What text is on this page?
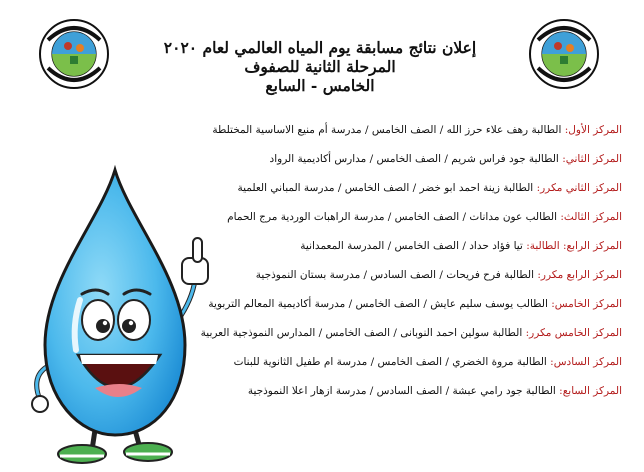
إعلان نتائج مسابقة يوم المياه العالمي لعام ٢٠٢٠
المرحلة الثانية للصفوف
الخامس - السابع
المركز الأول: الطالبة رهف علاء حرز الله / الصف الخامس / مدرسة أم منيع الاساسية المختلطة
المركز الثاني: الطالبة جود فراس شريم / الصف الخامس / مدارس أكاديمية الرواد
المركز الثاني مكرر: الطالبة زينة احمد ابو خضر / الصف الخامس / مدرسة المباني العلمية
المركز الثالث: الطالب عون مدانات / الصف الخامس / مدرسة الراهبات الوردية مرج الحمام
المركز الرابع: الطالبة: تيا فؤاد حداد / الصف الخامس / المدرسة المعمدانية
المركز الرابع مكرر: الطالبة فرح فريحات / الصف السادس / مدرسة بستان النموذجية
المركز الخامس: الطالب يوسف سليم عايش / الصف الخامس / مدرسة أكاديمية المعالم التربوية
المركز الخامس مكرر: الطالبة سولين احمد النوبانى / الصف الخامس / المدارس النموذجية العربية
المركز السادس: الطالبة مروة الخضري / الصف الخامس / مدرسة ام طفيل الثانوية للبنات
المركز السابع: الطالبة جود رامي عبشة / الصف السادس / مدرسة ازهار اعلا النموذجية
